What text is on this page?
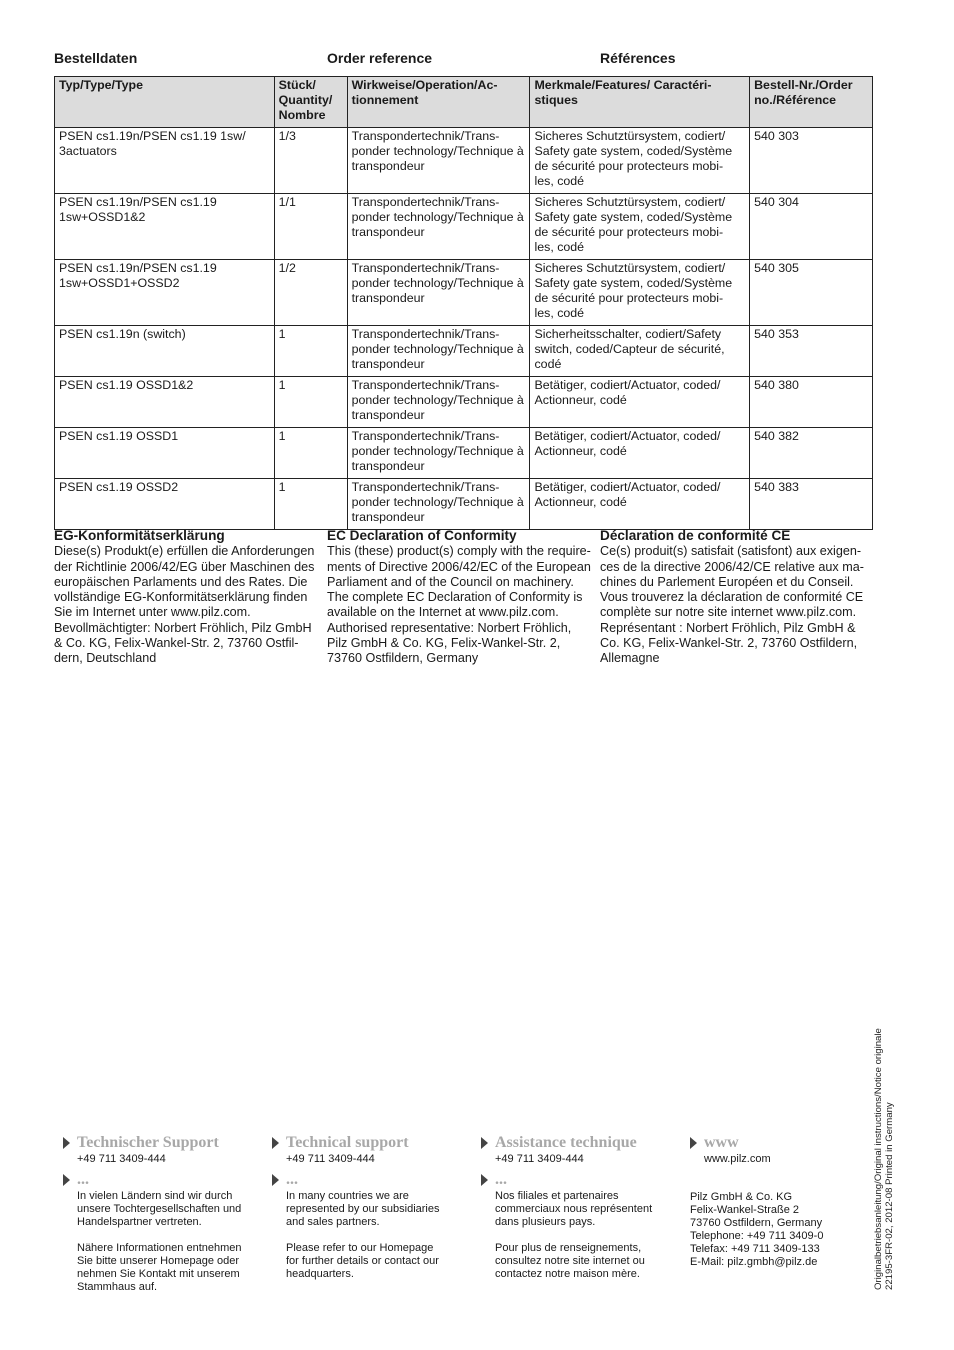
Bestelldaten	Order reference	Références
Typ/Type/Type	Stück/ Quantity/ Nombre	Wirkweise/Operation/Ac- tionnement	Merkmale/Features/ Caractéri- stiques	Bestell-Nr./Order no./Référence
PSEN cs1.19n/PSEN cs1.19 1sw/ 3actuators	1/3	Transpondertechnik/Trans- ponder technology/Technique à transpondeur	Sicheres Schutztürsystem, codiert/ Safety gate system, coded/Système de sécurité pour protecteurs mobi- les, codé	540 303
PSEN cs1.19n/PSEN cs1.19 1sw+OSSD1&2	1/1	Transpondertechnik/Trans- ponder technology/Technique à transpondeur	Sicheres Schutztürsystem, codiert/ Safety gate system, coded/Système de sécurité pour protecteurs mobi- les, codé	540 304
PSEN cs1.19n/PSEN cs1.19 1sw+OSSD1+OSSD2	1/2	Transpondertechnik/Trans- ponder technology/Technique à transpondeur	Sicheres Schutztürsystem, codiert/ Safety gate system, coded/Système de sécurité pour protecteurs mobi- les, codé	540 305
PSEN cs1.19n (switch)	1	Transpondertechnik/Trans- ponder technology/Technique à transpondeur	Sicherheitsschalter, codiert/Safety switch, coded/Capteur de sécurité, codé	540 353
PSEN cs1.19 OSSD1&2	1	Transpondertechnik/Trans- ponder technology/Technique à transpondeur	Betätiger, codiert/Actuator, coded/ Actionneur, codé	540 380
PSEN cs1.19 OSSD1	1	Transpondertechnik/Trans- ponder technology/Technique à transpondeur	Betätiger, codiert/Actuator, coded/ Actionneur, codé	540 382
PSEN cs1.19 OSSD2	1	Transpondertechnik/Trans- ponder technology/Technique à transpondeur	Betätiger, codiert/Actuator, coded/ Actionneur, codé	540 383
EG-Konformitätserklärung

Diese(s) Produkt(e) erfüllen die Anforderungen der Richtlinie 2006/42/EG über Maschinen des europäischen Parlaments und des Rates. Die vollständige EG-Konformitätserklärung finden Sie im Internet unter www.pilz.com. Bevollmächtigter: Norbert Fröhlich, Pilz GmbH & Co. KG, Felix-Wankel-Str. 2, 73760 Ostfil- dern, Deutschland

EC Declaration of Conformity

This (these) product(s) comply with the require- ments of Directive 2006/42/EC of the European Parliament and of the Council on machinery. The complete EC Declaration of Conformity is available on the Internet at www.pilz.com. Authorised representative: Norbert Fröhlich, Pilz GmbH & Co. KG, Felix-Wankel-Str. 2, 73760 Ostfildern, Germany

Déclaration de conformité CE

Ce(s) produit(s) satisfait (satisfont) aux exigen- ces de la directive 2006/42/CE relative aux ma- chines du Parlement Européen et du Conseil. Vous trouverez la déclaration de conformité CE complète sur notre site internet www.pilz.com. Représentant : Norbert Fröhlich, Pilz GmbH & Co. KG, Felix-Wankel-Str. 2, 73760 Ostfildern, Allemagne

Technischer Support

+49 711 3409-444

...

In vielen Ländern sind wir durch

unsere Tochtergesellschaften und

Handelspartner vertreten.

Nähere Informationen entnehmen

Sie bitte unserer Homepage oder

nehmen Sie Kontakt mit unserem

Stammhaus auf.

Technical support

+49 711 3409-444

...

In many countries we are

represented by our subsidiaries

and sales partners.

Please refer to our Homepage

for further details or contact our

headquarters.

Assistance technique

+49 711 3409-444

...

Nos filiales et partenaires

commerciaux nous représentent

dans plusieurs pays.

Pour plus de renseignements,

consultez notre site internet ou

contactez notre maison mère.

www

www.pilz.com

Pilz GmbH & Co. KG

Felix-Wankel-Straße 2

73760 Ostfildern, Germany

Telephone: +49 711 3409-0

Telefax: +49 711 3409-133

E-Mail: pilz.gmbh@pilz.de	Originalbetriebsanleitung/Original instructions/Notice originale 22195-3FR-02, 2012-08 Printed in Germany
